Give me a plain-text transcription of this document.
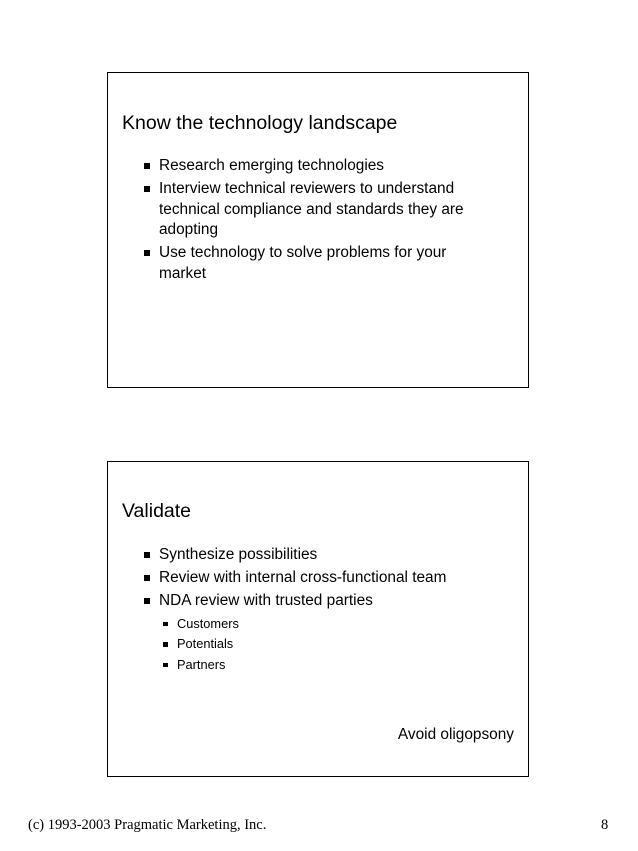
Know the technology landscape
Research emerging technologies
Interview technical reviewers to understand technical compliance and standards they are adopting
Use technology to solve problems for your market
Validate
Synthesize possibilities
Review with internal cross-functional team
NDA review with trusted parties
Customers
Potentials
Partners
Avoid oligopsony
(c) 1993-2003 Pragmatic Marketing, Inc.	8
